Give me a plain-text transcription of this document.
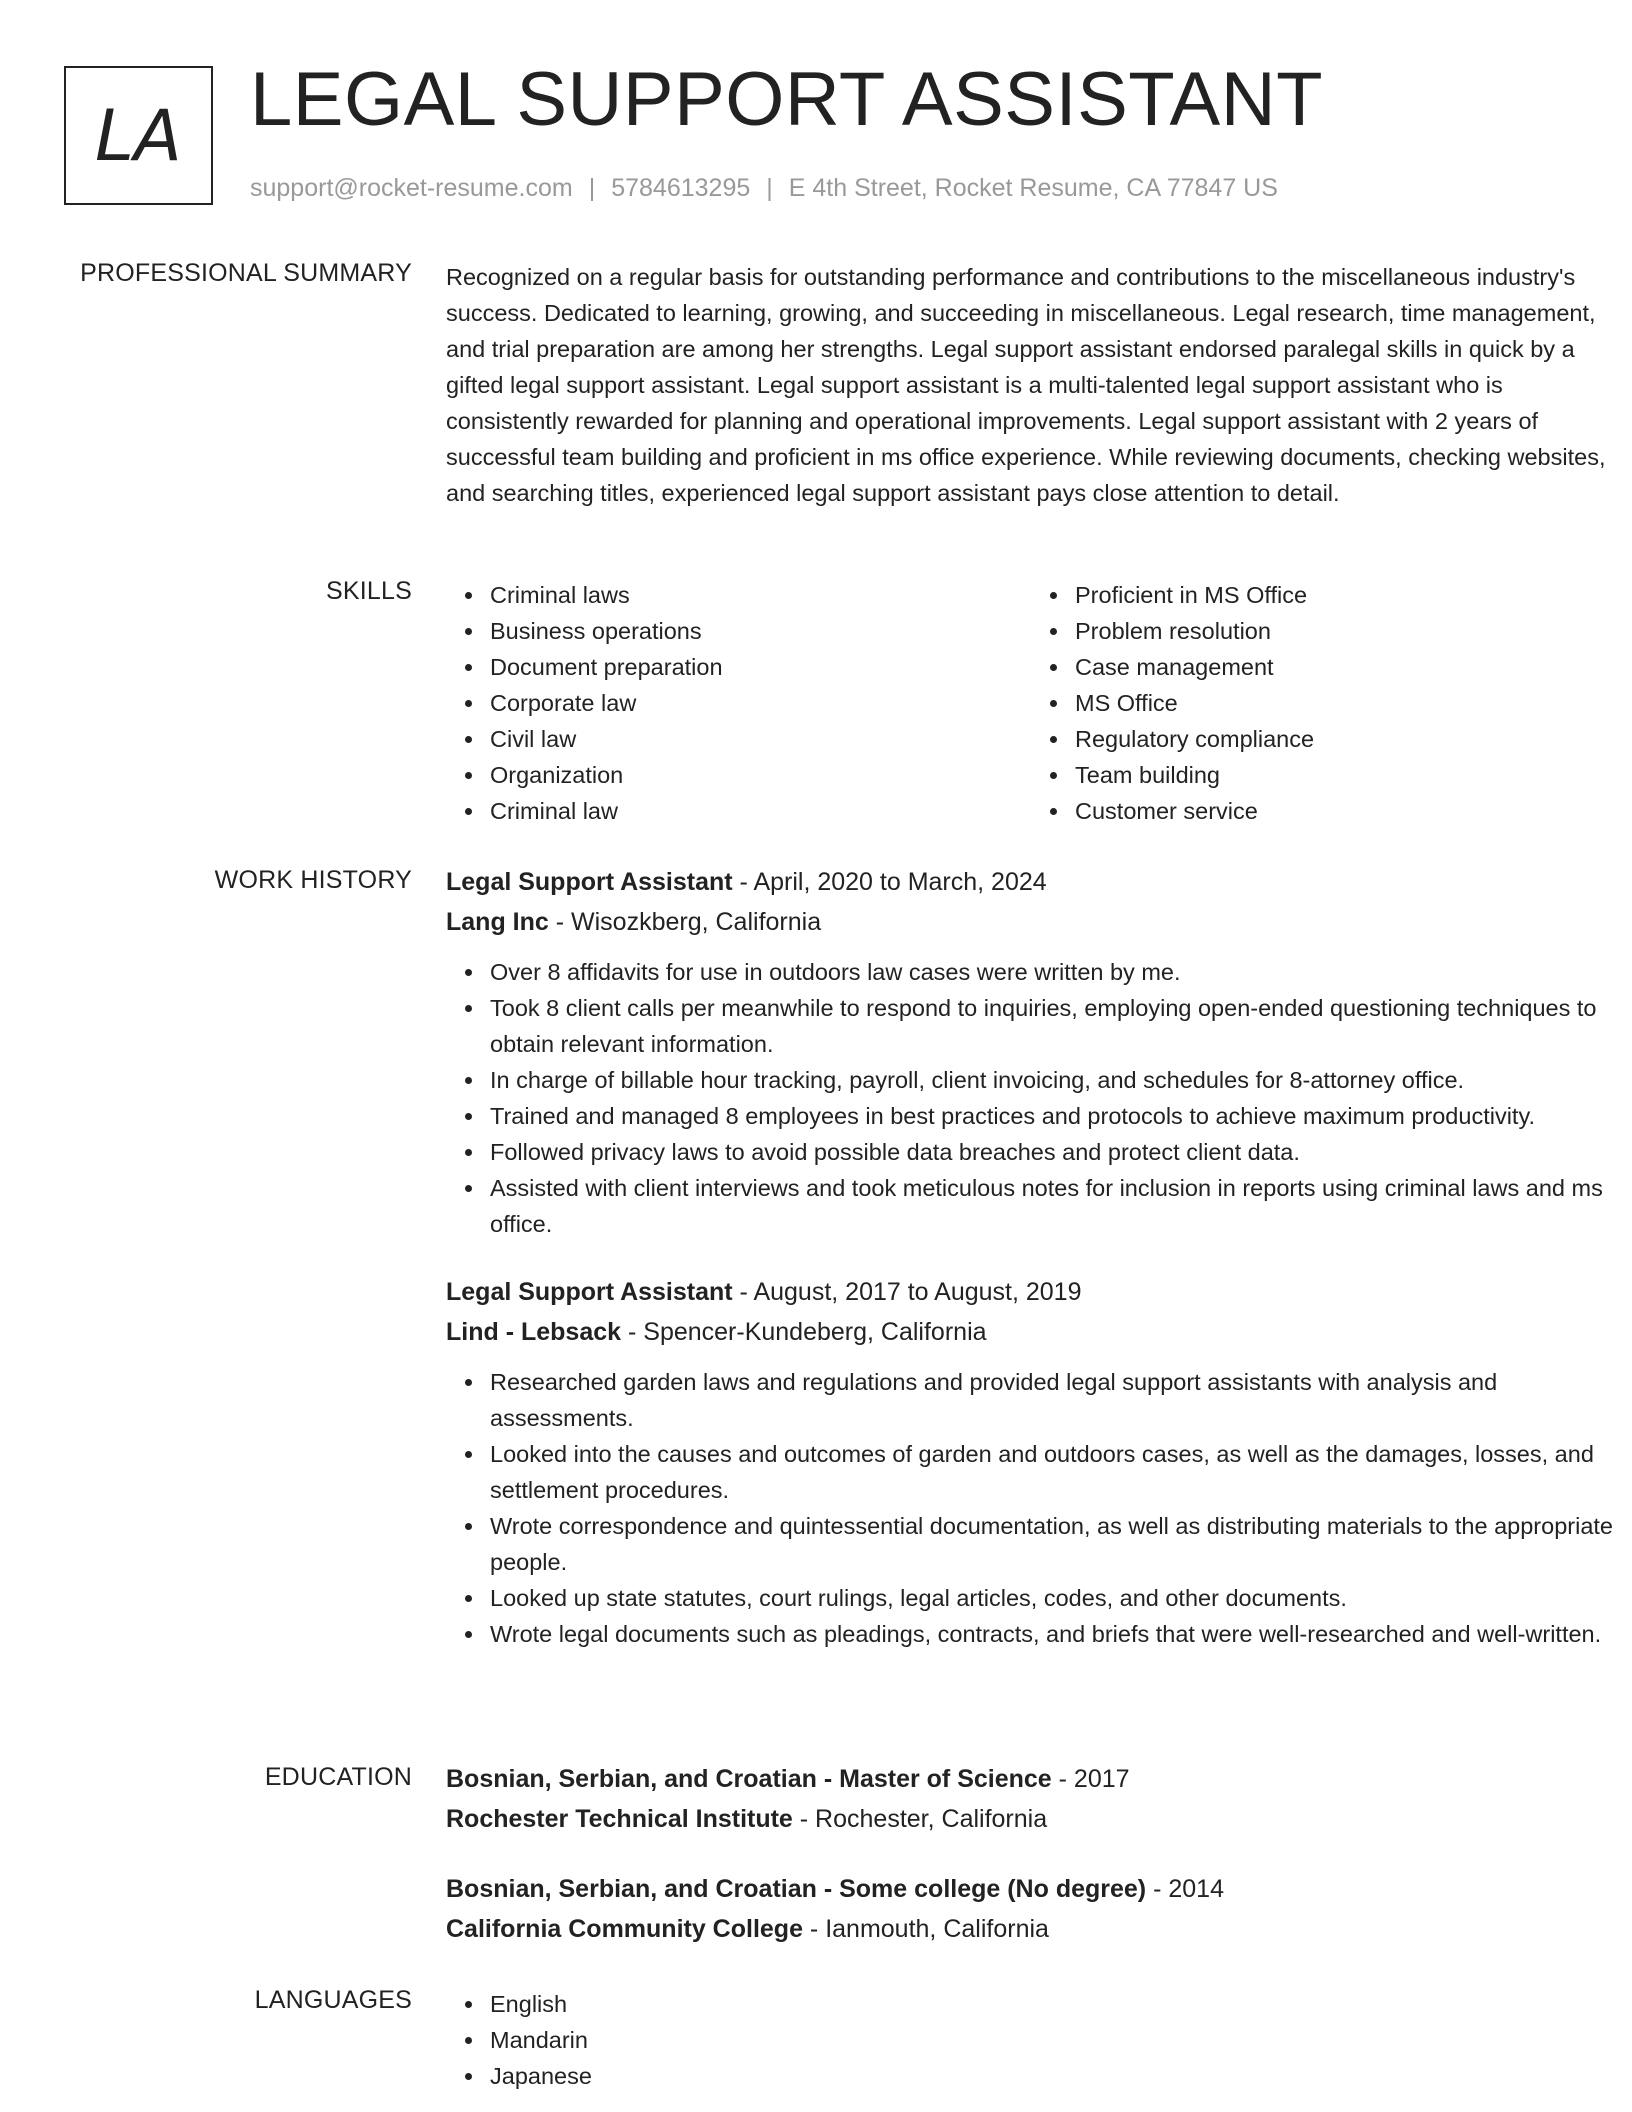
LA LEGAL SUPPORT ASSISTANT
support@rocket-resume.com | 5784613295 | E 4th Street, Rocket Resume, CA 77847 US
PROFESSIONAL SUMMARY Recognized on a regular basis for outstanding performance and contributions to the miscellaneous industry's success. Dedicated to learning, growing, and succeeding in miscellaneous. Legal research, time management, and trial preparation are among her strengths. Legal support assistant endorsed paralegal skills in quick by a gifted legal support assistant. Legal support assistant is a multi-talented legal support assistant who is consistently rewarded for planning and operational improvements. Legal support assistant with 2 years of successful team building and proficient in ms office experience. While reviewing documents, checking websites, and searching titles, experienced legal support assistant pays close attention to detail.

SKILLS	Criminal laws
Business operations
Document preparation
Corporate law
Civil law
Organization
Criminal law
Proficient in MS Office
Problem resolution
Case management
MS Office
Regulatory compliance
Team building
Customer service
WORK HISTORY Legal Support Assistant - April, 2020 to March, 2024
Lang Inc - Wisozkberg, California
Over 8 affidavits for use in outdoors law cases were written by me.
Took 8 client calls per meanwhile to respond to inquiries, employing open-ended questioning techniques to obtain relevant information.
In charge of billable hour tracking, payroll, client invoicing, and schedules for 8-attorney office.
Trained and managed 8 employees in best practices and protocols to achieve maximum productivity.
Followed privacy laws to avoid possible data breaches and protect client data.
Assisted with client interviews and took meticulous notes for inclusion in reports using criminal laws and ms office.
Legal Support Assistant - August, 2017 to August, 2019
Lind - Lebsack - Spencer-Kundeberg, California
Researched garden laws and regulations and provided legal support assistants with analysis and assessments.
Looked into the causes and outcomes of garden and outdoors cases, as well as the damages, losses, and settlement procedures.
Wrote correspondence and quintessential documentation, as well as distributing materials to the appropriate people.
Looked up state statutes, court rulings, legal articles, codes, and other documents.
Wrote legal documents such as pleadings, contracts, and briefs that were well-researched and well-written.
EDUCATION Bosnian, Serbian, and Croatian - Master of Science - 2017
Rochester Technical Institute - Rochester, California
Bosnian, Serbian, and Croatian - Some college (No degree) - 2014
California Community College - Ianmouth, California
LANGUAGES	English
Mandarin
Japanese
